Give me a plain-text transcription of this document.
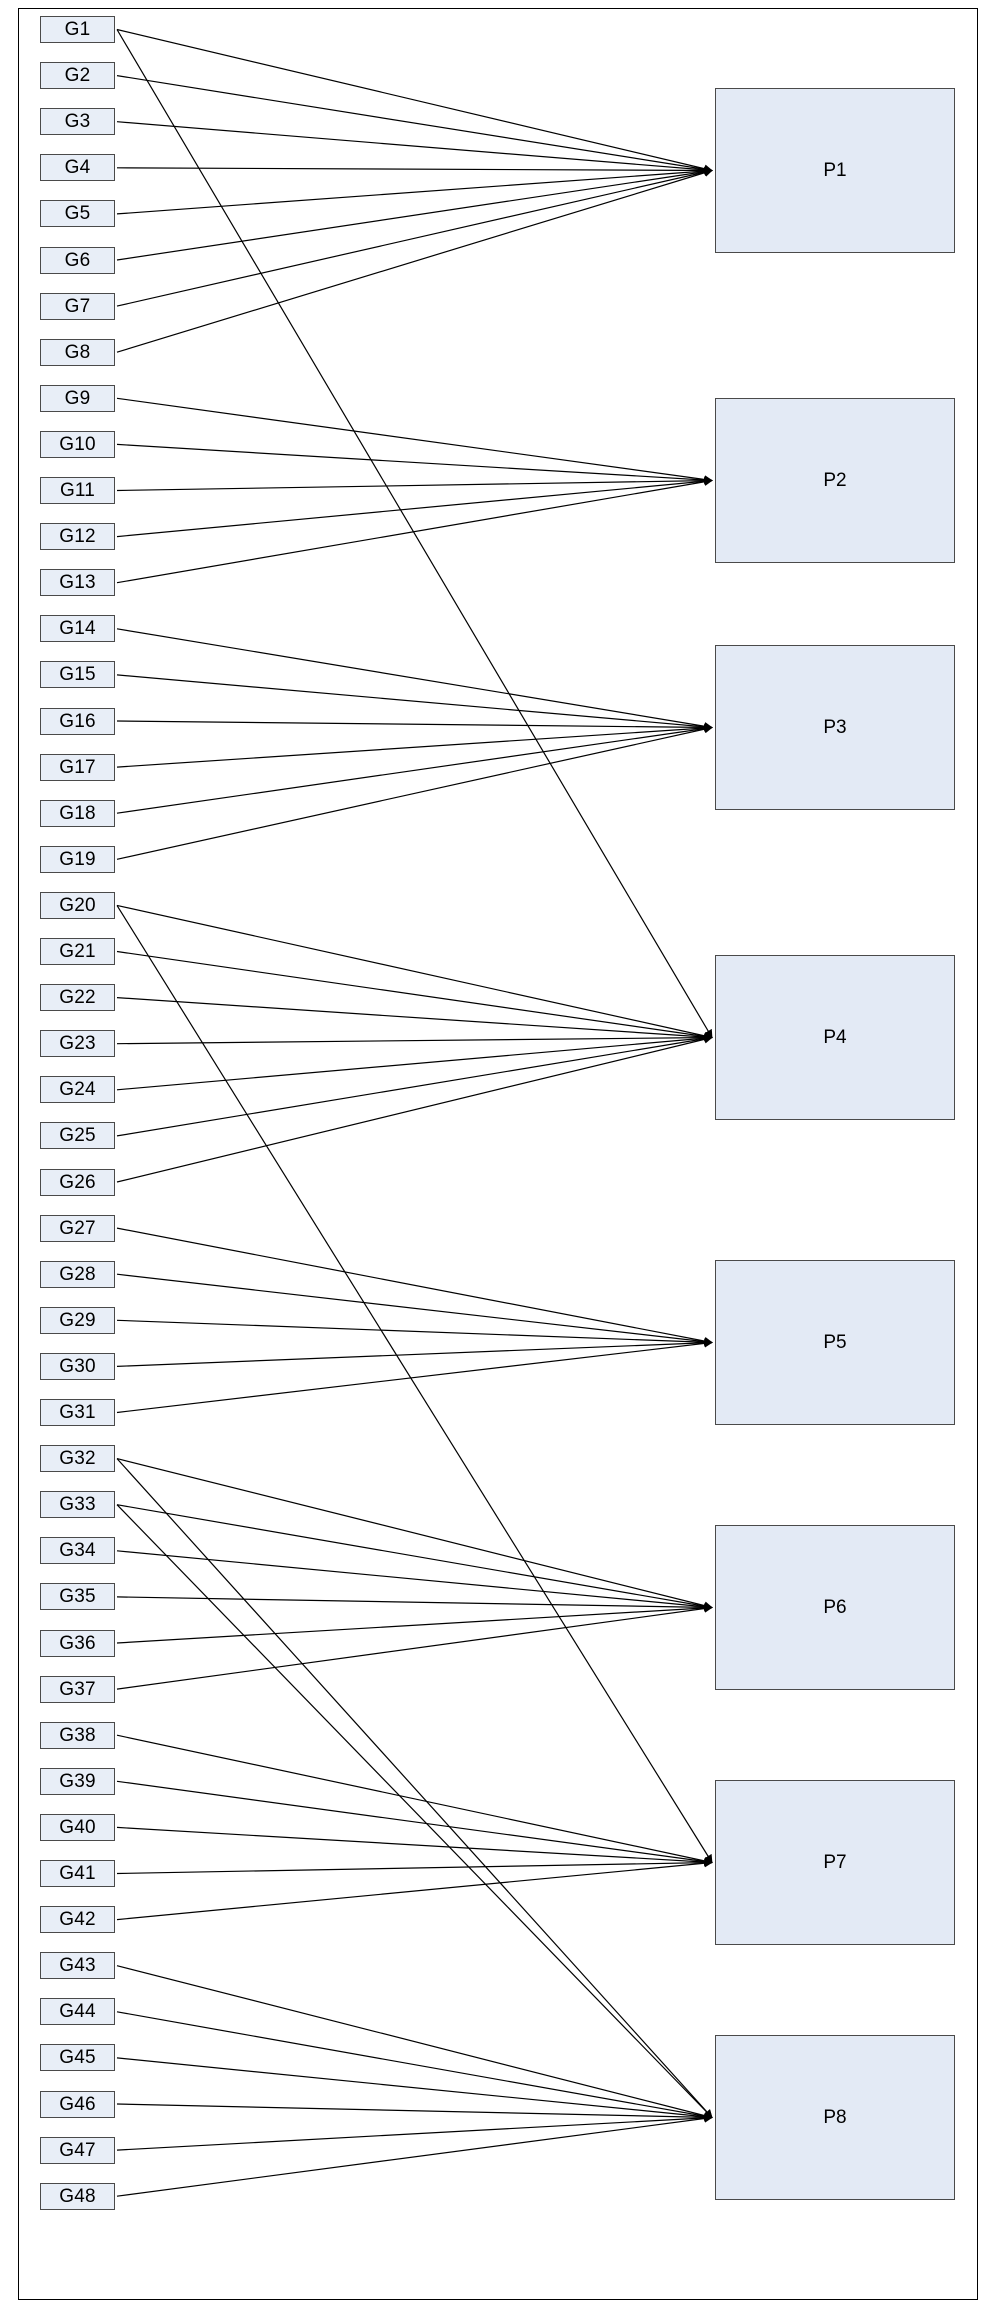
G1
G2
G3
G4
G5
G6
G7
G8
G9
G10
G11
G12
G13
G14
G15
G16
G17
G18
G19
G20
G21
G22
G23
G24
G25
G26
G27
G28
G29
G30
G31
G32
G33
G34
G35
G36
G37
G38
G39
G40
G41
G42
G43
G44
G45
G46
G47
G48
P1
P2
P3
P4
P5
P6
P7
P8
